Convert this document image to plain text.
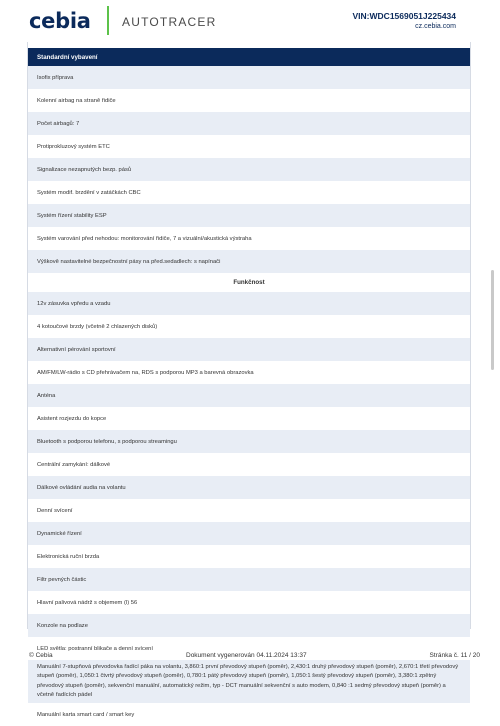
cebia	AUTOTRACER	VIN:WDC1569051J225434
cz.cebia.com
Standardní vybavení
Isofix příprava
Kolenní airbag na straně řidiče
Počet airbagů: 7
Protiprokluzový systém ETC
Signalizace nezapnutých bezp. pásů
Systém modif. brzdění v zatáčkách CBC
Systém řízení stability ESP
Systém varování před nehodou: monitorování řidiče, 7 a vizuální/akustická výstraha
Výškově nastavitelné bezpečnostní pásy na před.sedadlech: s napínači
Funkčnost
12v zásuvka vpředu a vzadu
4 kotoučové brzdy (včetně 2 chlazených disků)
Alternativní pérování sportovní
AM/FM/LW-rádio s CD přehrávačem na, RDS s podporou MP3 a barevná obrazovka
Anténa
Asistent rozjezdu do kopce
Bluetooth s podporou telefonu, s podporou streamingu
Centrální zamykání: dálkové
Dálkové ovládání audia na volantu
Denní svícení
Dynamické řízení
Elektronická ruční brzda
Filtr pevných částic
Hlavní palivová nádrž s objemem (l) 56
Konzole na podlaze
LED světla: postranní blikače a denní svícení
Manuální 7-stupňová převodovka řadící páka na volantu, 3,860:1 první převodový stupeň (poměr), 2,430:1 druhý převodový stupeň (poměr), 2,670:1 třetí převodový stupeň (poměr), 1,050:1 čtvrtý převodový stupeň (poměr), 0,780:1 pátý převodový stupeň (poměr), 1,050:1 šestý převodový stupeň (poměr), 3,380:1 zpětný převodový stupeň (poměr), sekvenční manuální, automatický režim, typ - DCT manuální sekvenční s auto modem, 0,840 :1 sedmý převodový stupeň (poměr) a včetně řadících pádel
Manuální karta smart card / smart key
© Cebia	Dokument vygenerován 04.11.2024 13:37	Stránka č. 11 / 20
